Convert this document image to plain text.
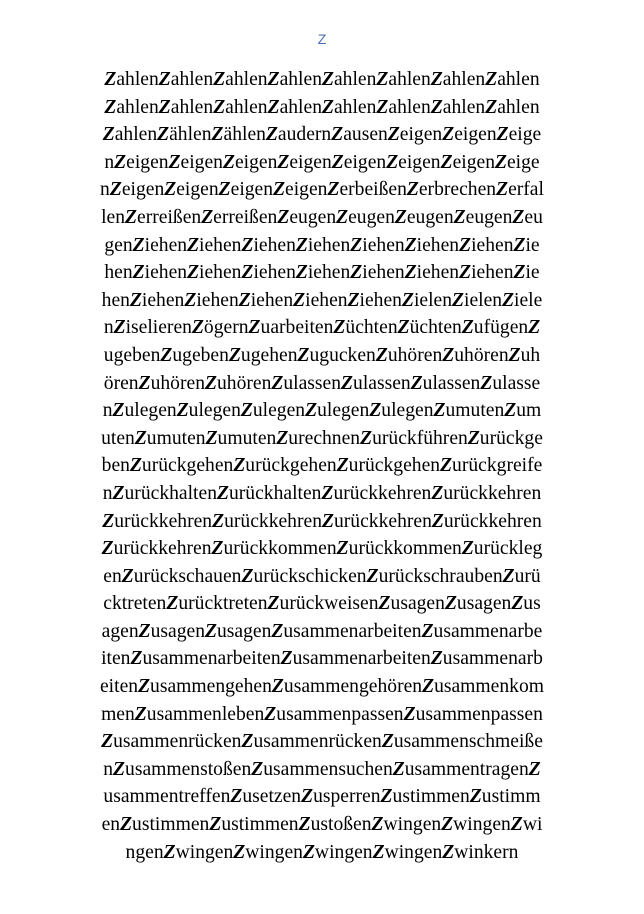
Z
ZahlenZahlenZahlenZahlenZahlenZahlenZahlenZahlen
ZahlenZahlenZahlenZahlenZahlenZahlenZahlenZahlen
ZahlenZählenZählenZaudernZausenZeigenZeigenZeige
nZeigenZeigenZeigenZeigenZeigenZeigenZeigenZeige
nZeigenZeigenZeigenZeigenZerbeißenZerbrechenZerfal
lenZerreißenZerreißenZeugenZeugenZeugenZeugenZeu
genZiehenZiehenZiehenZiehenZiehenZiehenZiehenZie
henZiehenZiehenZiehenZiehenZiehenZiehenZiehenZie
henZiehenZiehenZiehenZiehenZiehenZielenZielenZiele
nZiselierenZögernZuarbeitenZüchtenZüchtenZufügenZ
ugebenZugebenZugehenZuguckenZuhörenZuhörenZuh
örenZuhörenZuhörenZulassenZulassenZulassenZulasse
nZulegenZulegenZulegenZulegenZulegenZumutenZum
utenZumutenZumutenZurechnenZurückführenZurückge
benZurückgehenZurückgehenZurückgehenZurückgreife
nZurückhaltenZurückhaltenZurückkehrenZurückkehren
ZurückkehrenZurückkehrenZurückkehrenZurückkehren
ZurückkehrenZurückkommenZurückkommenZurückleg
enZurückschauenZurückschickenZurückschraubenZurü
cktretenZurücktretenZurückweisenZusagenZusagenZus
agenZusagenZusagenZusammenarbeitenZusammenarbe
itenZusammenarbeitenZusammenarbeitenZusammenarb
eitenZusammengehenZusammengehörenZusammenkom
menZusammenlebenZusammenpassenZusammenpassen
ZusammenrückenZusammenrückenZusammenschmeiße
nZusammenstoßenZusammensuchenZusammentragenZ
usammentreffenZusetzenZusperrenZustimmenZustimm
enZustimmenZustimmenZustoßenZwingenZwingenZwi
ngenZwingenZwingenZwingenZwingenZwinkern
